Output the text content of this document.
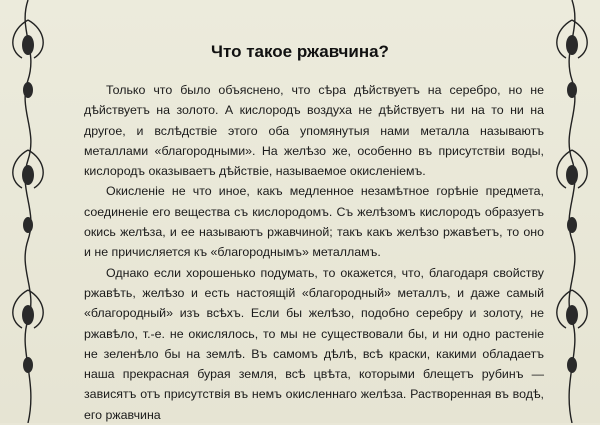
Что такое ржавчина?

Только что было объяснено, что сѣра дѣйствуетъ на серебро, но не дѣйствуетъ на золото. А кислородъ воздуха не дѣйствуетъ ни на то ни на другое, и вслѣдствіе этого оба упомянутыя нами металла называютъ металлами «благородными». На желѣзо же, особенно въ присутствіи воды, кислородъ оказываетъ дѣйствіе, называемое окисленіемъ.

Окисленіе не что иное, какъ медленное незамѣтное горѣніе предмета, соединеніе его вещества съ кислородомъ. Съ желѣзомъ кислородъ образуетъ окись желѣза, и ее называютъ ржавчиной; такъ какъ желѣзо ржавѣетъ, то оно и не причисляется къ «благороднымъ» металламъ.

Однако если хорошенько подумать, то окажется, что, благодаря свойству ржавѣть, желѣзо и есть настоящій «благородный» металлъ, и даже самый «благородный» изъ всѣхъ. Если бы желѣзо, подобно серебру и золоту, не ржавѣло, т.-е. не окислялось, то мы не существовали бы, и ни одно растеніе не зеленѣло бы на землѣ. Въ самомъ дѣлѣ, всѣ краски, какими обладаетъ наша прекрасная бурая земля, всѣ цвѣта, которыми блещетъ рубинъ — зависятъ отъ присутствія въ немъ окисленнаго желѣза. Растворенная въ водѣ, его ржавчина
